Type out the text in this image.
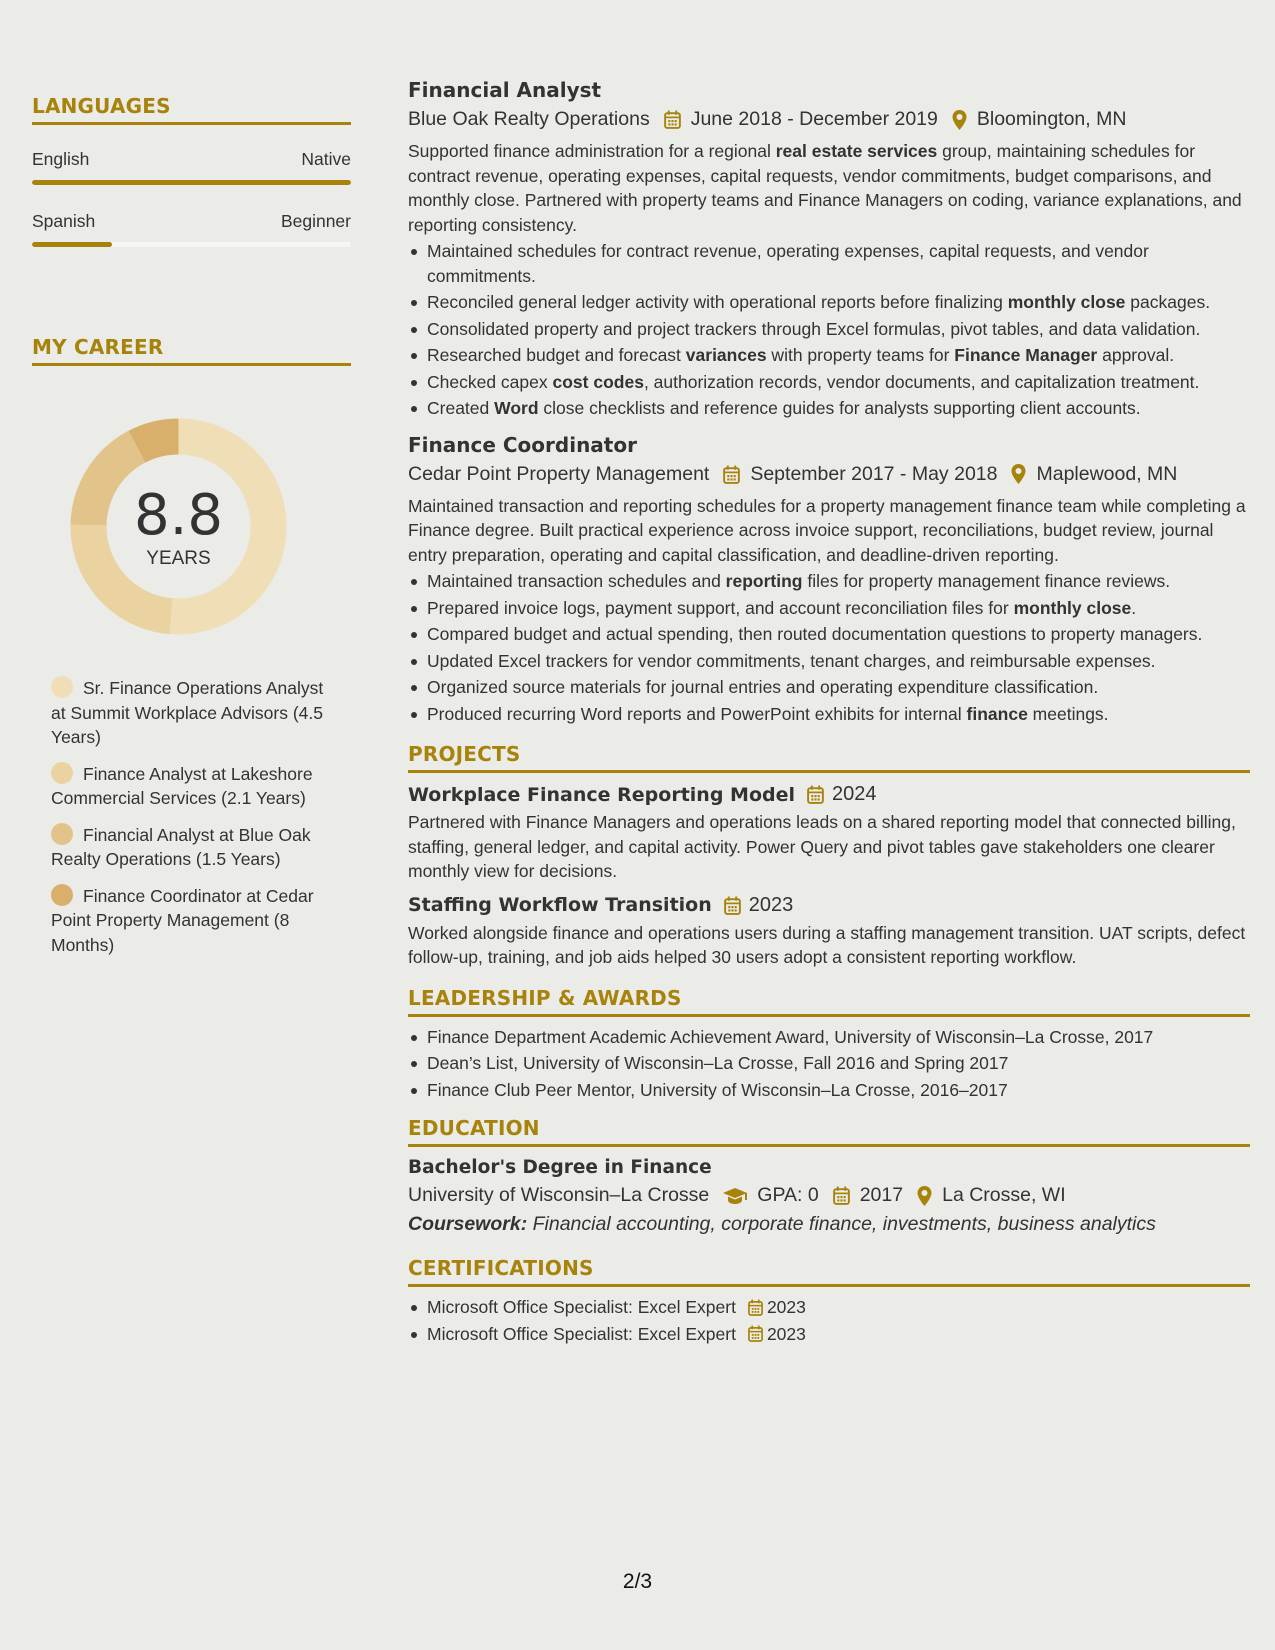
LANGUAGES
English	Native
Spanish	Beginner
MY CAREER
8.8
YEARS
Sr. Finance Operations Analyst at Summit Workplace Advisors (4.5 Years)
Finance Analyst at Lakeshore Commercial Services (2.1 Years)
Financial Analyst at Blue Oak Realty Operations (1.5 Years)
Finance Coordinator at Cedar Point Property Management (8 Months)
Financial Analyst
Blue Oak Realty Operations June 2018 - December 2019 Bloomington, MN
Supported finance administration for a regional real estate services group, maintaining schedules for contract revenue, operating expenses, capital requests, vendor commitments, budget comparisons, and monthly close. Partnered with property teams and Finance Managers on coding, variance explanations, and reporting consistency.
Maintained schedules for contract revenue, operating expenses, capital requests, and vendor commitments.
Reconciled general ledger activity with operational reports before finalizing monthly close packages.
Consolidated property and project trackers through Excel formulas, pivot tables, and data validation.
Researched budget and forecast variances with property teams for Finance Manager approval.
Checked capex cost codes, authorization records, vendor documents, and capitalization treatment.
Created Word close checklists and reference guides for analysts supporting client accounts.
Finance Coordinator
Cedar Point Property Management September 2017 - May 2018 Maplewood, MN
Maintained transaction and reporting schedules for a property management finance team while completing a Finance degree. Built practical experience across invoice support, reconciliations, budget review, journal entry preparation, operating and capital classification, and deadline-driven reporting.
Maintained transaction schedules and reporting files for property management finance reviews.
Prepared invoice logs, payment support, and account reconciliation files for monthly close.
Compared budget and actual spending, then routed documentation questions to property managers.
Updated Excel trackers for vendor commitments, tenant charges, and reimbursable expenses.
Organized source materials for journal entries and operating expenditure classification.
Produced recurring Word reports and PowerPoint exhibits for internal finance meetings.
PROJECTS
Workplace Finance Reporting Model 2024
Partnered with Finance Managers and operations leads on a shared reporting model that connected billing, staffing, general ledger, and capital activity. Power Query and pivot tables gave stakeholders one clearer monthly view for decisions.
Staffing Workflow Transition 2023
Worked alongside finance and operations users during a staffing management transition. UAT scripts, defect follow-up, training, and job aids helped 30 users adopt a consistent reporting workflow.
LEADERSHIP & AWARDS
Finance Department Academic Achievement Award, University of Wisconsin–La Crosse, 2017
Dean’s List, University of Wisconsin–La Crosse, Fall 2016 and Spring 2017
Finance Club Peer Mentor, University of Wisconsin–La Crosse, 2016–2017
EDUCATION
Bachelor's Degree in Finance
University of Wisconsin–La Crosse GPA: 0 2017 La Crosse, WI
Coursework: Financial accounting, corporate finance, investments, business analytics
CERTIFICATIONS
Microsoft Office Specialist: Excel Expert 2023
Microsoft Office Specialist: Excel Expert 2023
2/3
